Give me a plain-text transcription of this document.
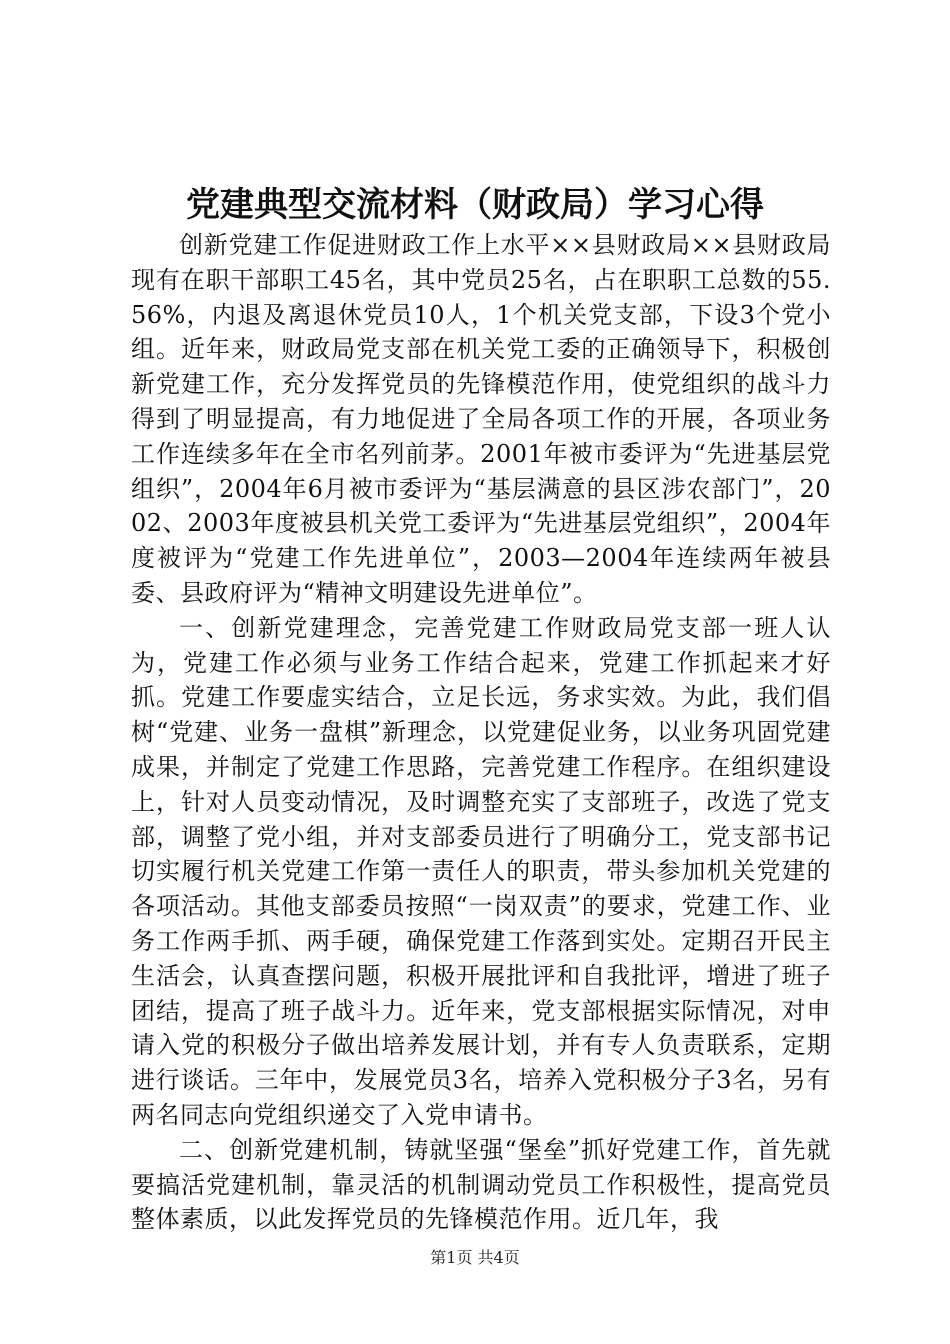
党建典型交流材料（财政局）学习心得

创新党建工作促进财政工作上水平××县财政局××县财政局现有在职干部职工45名，其中党员25名，占在职职工总数的55.56%，内退及离退休党员10人，1个机关党支部，下设3个党小组。近年来，财政局党支部在机关党工委的正确领导下，积极创新党建工作，充分发挥党员的先锋模范作用，使党组织的战斗力得到了明显提高，有力地促进了全局各项工作的开展，各项业务工作连续多年在全市名列前茅。2001年被市委评为“先进基层党组织”，2004年6月被市委评为“基层满意的县区涉农部门”，2002、2003年度被县机关党工委评为“先进基层党组织”，2004年度被评为“党建工作先进单位”，2003—2004年连续两年被县委、县政府评为“精神文明建设先进单位”。

一、创新党建理念，完善党建工作财政局党支部一班人认为，党建工作必须与业务工作结合起来，党建工作抓起来才好抓。党建工作要虚实结合，立足长远，务求实效。为此，我们倡树“党建、业务一盘棋”新理念，以党建促业务，以业务巩固党建成果，并制定了党建工作思路，完善党建工作程序。在组织建设上，针对人员变动情况，及时调整充实了支部班子，改选了党支部，调整了党小组，并对支部委员进行了明确分工，党支部书记切实履行机关党建工作第一责任人的职责，带头参加机关党建的各项活动。其他支部委员按照“一岗双责”的要求，党建工作、业务工作两手抓、两手硬，确保党建工作落到实处。定期召开民主生活会，认真查摆问题，积极开展批评和自我批评，增进了班子团结，提高了班子战斗力。近年来，党支部根据实际情况，对申请入党的积极分子做出培养发展计划，并有专人负责联系，定期进行谈话。三年中，发展党员3名，培养入党积极分子3名，另有两名同志向党组织递交了入党申请书。

二、创新党建机制，铸就坚强“堡垒”抓好党建工作，首先就要搞活党建机制，靠灵活的机制调动党员工作积极性，提高党员整体素质，以此发挥党员的先锋模范作用。近几年，我

第1页 共4页
